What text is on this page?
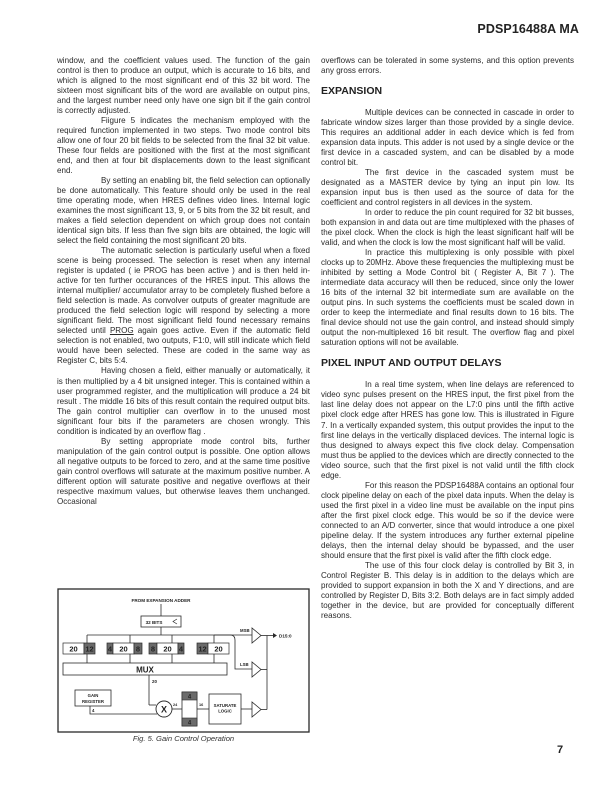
PDSP16488A MA

window, and the coefficient values used. The function of the gain control is then to produce an output, which is accurate to 16 bits, and which is aligned to the most significant end of this 32 bit word. The sixteen most significant bits of the word are available on output pins, and the largest number need only have one sign bit if the gain control is correctly adjusted.

Fiigure 5 indicates the mechanism employed with the required function implemented in two steps. Two mode control bits allow one of four 20 bit fields to be selected from the final 32 bit value. These four fields are positioned with the first at the most significant end, and then at four bit displacements down to the least significant end.

By setting an enabling bit, the field selection can optionally be done automatically. This feature should only be used in the real time operating mode, when HRES defines video lines. Internal logic examines the most significant 13, 9, or 5 bits from the 32 bit result, and makes a field selection dependent on which group does not contain identical sign bits. If less than five sign bits are obtained, the logic will select the field containing the most significant 20 bits.

The automatic selection is particularly useful when a fixed scene is being processed. The selection is reset when any internal register is updated ( ie PROG has been active ) and is then held in-active for ten further occurances of the HRES input. This allows the internal multiplier/ accumulator array to be completely flushed before a field selection is made. As convolver outputs of greater magnitude are produced the field selection logic will respond by selecting a more significant field. The most significant field found necessary remains selected until PROG again goes active. Even if the automatic field selection is not enabled, two outputs, F1:0, will still indicate which field would have been selected. These are coded in the same way as Register C, bits 5:4.

Having chosen a field, either manually or automatically, it is then multiplied by a 4 bit unsigned integer. This is contained within a user programmed register, and the multiplication will produce a 24 bit result . The middle 16 bits of this result contain the required output bits. The gain control multiplier can overflow in to the unused most significant four bits if the parameters are chosen wrongly. This condition is indicated by an overflow flag .

By setting appropriate mode control bits, further manipulation of the gain control output is possible. One option allows all negative outputs to be forced to zero, and at the same time positive gain control overflows will saturate at the maximum positive number. A different option will saturate positive and negative overflows at their respective maximum values, but otherwise leaves them unchanged. Occasional

FROM EXPANSION ADDER
32 BITS
20 12 4 20 8 8 20 4 12 20
MUX
20
GAIN
REGISTER
4	X 24
4
4
16 SATURATE
LOGIC
MSB
LSB
D15:0
Fig. 5. Gain Control Operation

overflows can be tolerated in some systems, and this option prevents any gross errors.

EXPANSION

Multiple devices can be connected in cascade in order to fabricate window sizes larger than those provided by a single device. This requires an additional adder in each device which is fed from expansion data inputs. This adder is not used by a single device or the first device in a cascaded system, and can be disabled by a mode control bit.

The first device in the cascaded system must be designated as a MASTER device by tying an input pin low. Its expansion input bus is then used as the source of data for the coefficient and control registers in all devices in the system.

In order to reduce the pin count required for 32 bit busses, both expansion in and data out are time multiplexed with the phases of the pixel clock. When the clock is high the least significant half will be valid, and when the clock is low the most significant half will be valid.

In practice this multiplexing is only possible with pixel clocks up to 20MHz. Above these frequencies the multiplexing must be inhibited by setting a Mode Control bit ( Register A, Bit 7 ). The intermediate data accuracy will then be reduced, since only the lower 16 bits of the internal 32 bit intermediate sum are available on the output pins. In such systems the coefficients must be scaled down in order to keep the intermediate and final results down to 16 bits. The final device should not use the gain control, and instead should simply output the non-multiplexed 16 bit result. The overflow flag and pixel saturation options will not be available.

PIXEL INPUT AND OUTPUT DELAYS

In a real time system, when line delays are referenced to video sync pulses present on the HRES input, the first pixel from the last line delay does not appear on the L7:0 pins until the fifth active pixel clock edge after HRES has gone low. This is illustrated in Figure 7. In a vertically expanded system, this output provides the input to the first line delays in the vertically displaced devices. The internal logic is thus designed to always expect this five clock delay. Compensation must thus be applied to the devices which are directly connected to the video source, such that the first pixel is not valid until the fifth clock edge.

For this reason the PDSP16488A contains an optional four clock pipeline delay on each of the pixel data inputs. When the delay is used the first pixel in a video line must be available on the input pins after the first pixel clock edge. This would be so if the device were connected to an A/D converter, since that would introduce a one pixel pipeline delay. If the system introduces any further external pipeline delays, then the internal delay should be bypassed, and the user should ensure that the first pixel is valid after the fifth clock edge.

The use of this four clock delay is controlled by Bit 3, in Control Register B. This delay is in addition to the delays which are provided to support expansion in both the X and Y directions, and are controlled by Register D, Bits 3:2. Both delays are in fact simply added together in the device, but are provided for conceptually different reasons.

7
